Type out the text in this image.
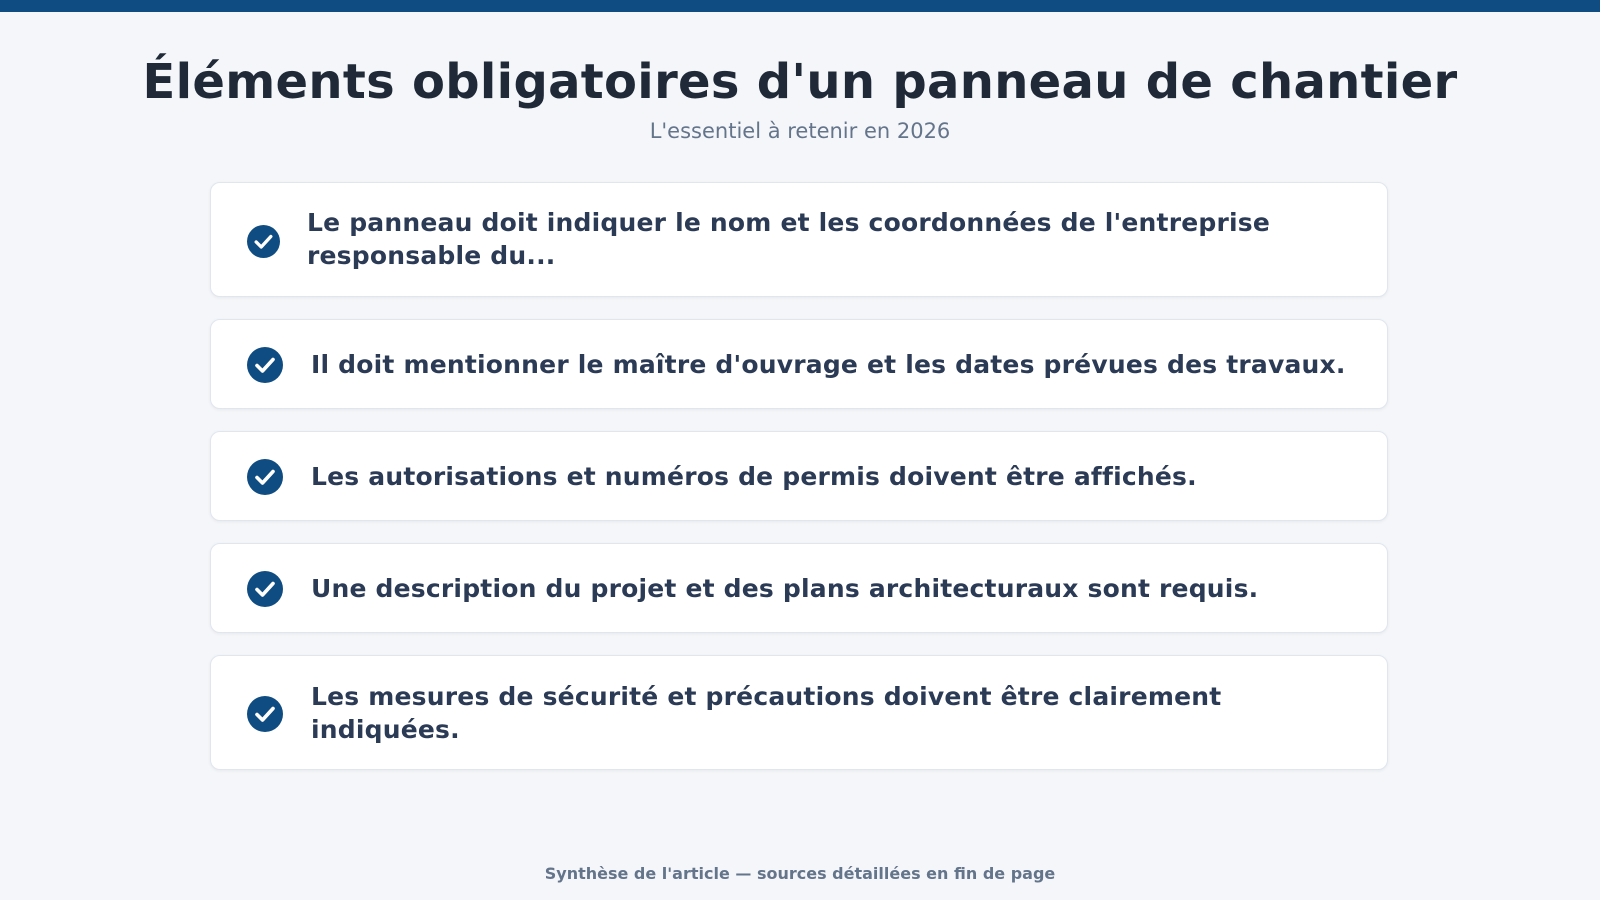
Éléments obligatoires d'un panneau de chantier
L'essentiel à retenir en 2026
Le panneau doit indiquer le nom et les coordonnées de l'entreprise responsable du...
Il doit mentionner le maître d'ouvrage et les dates prévues des travaux.
Les autorisations et numéros de permis doivent être affichés.
Une description du projet et des plans architecturaux sont requis.
Les mesures de sécurité et précautions doivent être clairement indiquées.
Synthèse de l'article — sources détaillées en fin de page
